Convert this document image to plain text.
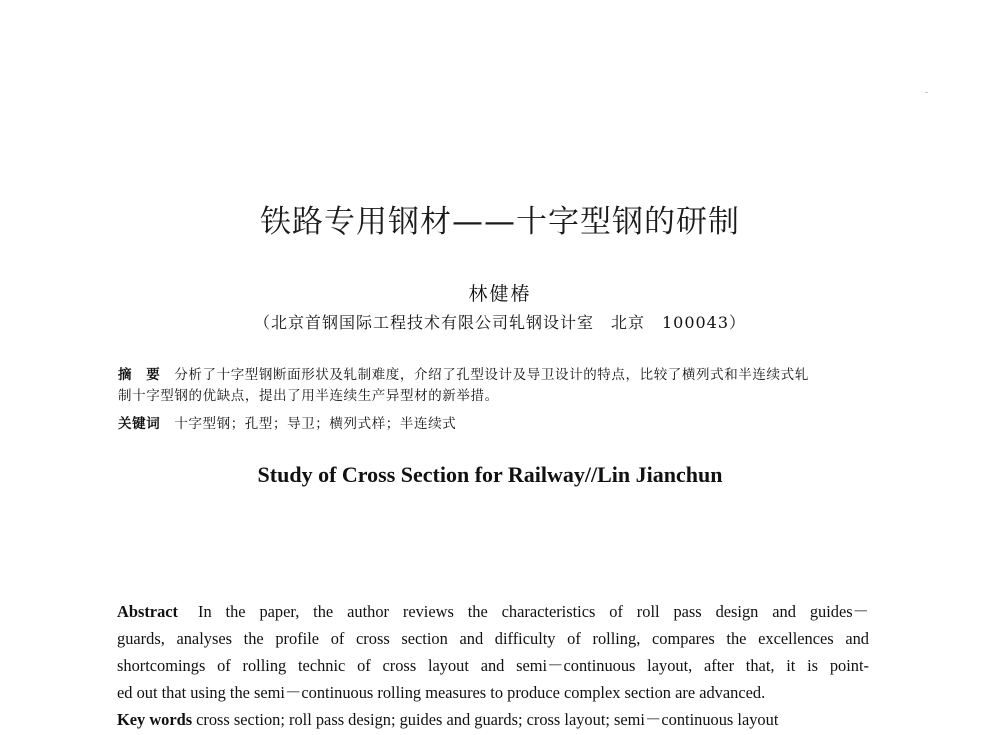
铁路专用钢材——十字型钢的研制
林健椿
（北京首钢国际工程技术有限公司轧钢设计室　北京　100043）
摘　要 分析了十字型钢断面形状及轧制难度，介绍了孔型设计及导卫设计的特点，比较了横列式和半连续式轧
制十字型钢的优缺点，提出了用半连续生产异型材的新举措。
关键词 十字型钢；孔型；导卫；横列式样；半连续式
Study of Cross Section for Railway//Lin Jianchun
Abstract In the paper, the author reviews the characteristics of roll pass design and guides－
guards, analyses the profile of cross section and difficulty of rolling, compares the excellences and
shortcomings of rolling technic of cross layout and semi－continuous layout, after that, it is point-
ed out that using the semi－continuous rolling measures to produce complex section are advanced.
Key words cross section; roll pass design; guides and guards; cross layout; semi－continuous layout
